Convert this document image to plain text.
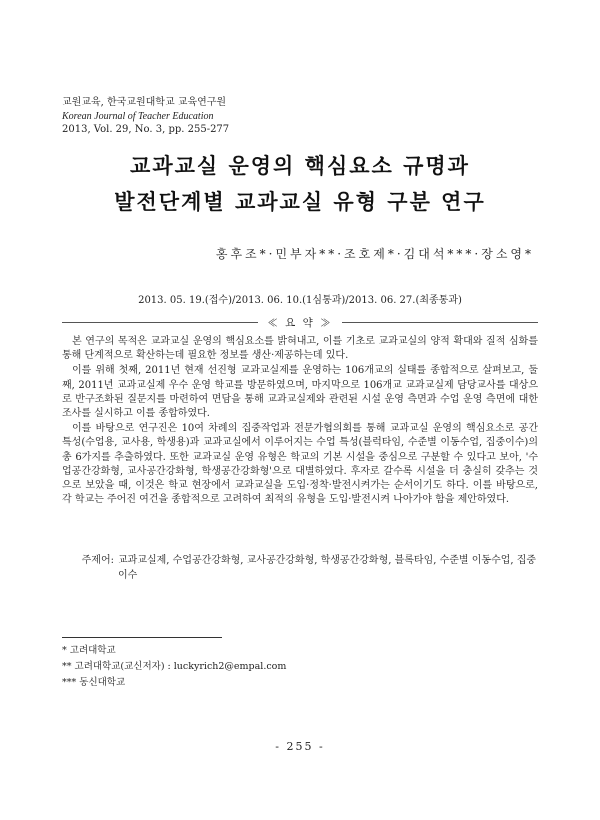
교원교육, 한국교원대학교 교육연구원
Korean Journal of Teacher Education
2013, Vol. 29, No. 3, pp. 255-277
교과교실 운영의 핵심요소 규명과
발전단계별 교과교실 유형 구분 연구
홍후조*·민부자**·조호제*·김대석***·장소영*
2013. 05. 19.(접수)/2013. 06. 10.(1심통과)/2013. 06. 27.(최종통과)
≪ 요 약 ≫

본 연구의 목적은 교과교실 운영의 핵심요소를 밝혀내고, 이를 기초로 교과교실의 양적 확대와 질적 심화를 통해 단계적으로 확산하는데 필요한 정보를 생산·제공하는데 있다.

이를 위해 첫째, 2011년 현재 선진형 교과교실제를 운영하는 106개교의 실태를 종합적으로 살펴보고, 둘째, 2011년 교과교실제 우수 운영 학교를 방문하였으며, 마지막으로 106개교 교과교실제 담당교사를 대상으로 반구조화된 질문지를 마련하여 면담을 통해 교과교실제와 관련된 시설 운영 측면과 수업 운영 측면에 대한 조사를 실시하고 이를 종합하였다.

이를 바탕으로 연구진은 10여 차례의 집중작업과 전문가협의회를 통해 교과교실 운영의 핵심요소로 공간 특성(수업용, 교사용, 학생용)과 교과교실에서 이루어지는 수업 특성(블럭타임, 수준별 이동수업, 집중이수)의 총 6가지를 추출하였다. 또한 교과교실 운영 유형은 학교의 기본 시설을 중심으로 구분할 수 있다고 보아, '수업공간강화형, 교사공간강화형, 학생공간강화형'으로 대별하였다. 후자로 갈수록 시설을 더 충실히 갖추는 것으로 보았을 때, 이것은 학교 현장에서 교과교실을 도입·정착·발전시켜가는 순서이기도 하다. 이를 바탕으로, 각 학교는 주어진 여건을 종합적으로 고려하여 최적의 유형을 도입·발전시켜 나아가야 함을 제안하였다.

주제어: 교과교실제, 수업공간강화형, 교사공간강화형, 학생공간강화형, 블록타임, 수준별 이동수업, 집중이수
* 고려대학교
** 고려대학교(교신저자) : luckyrich2@empal.com
*** 동신대학교
- 255 -
